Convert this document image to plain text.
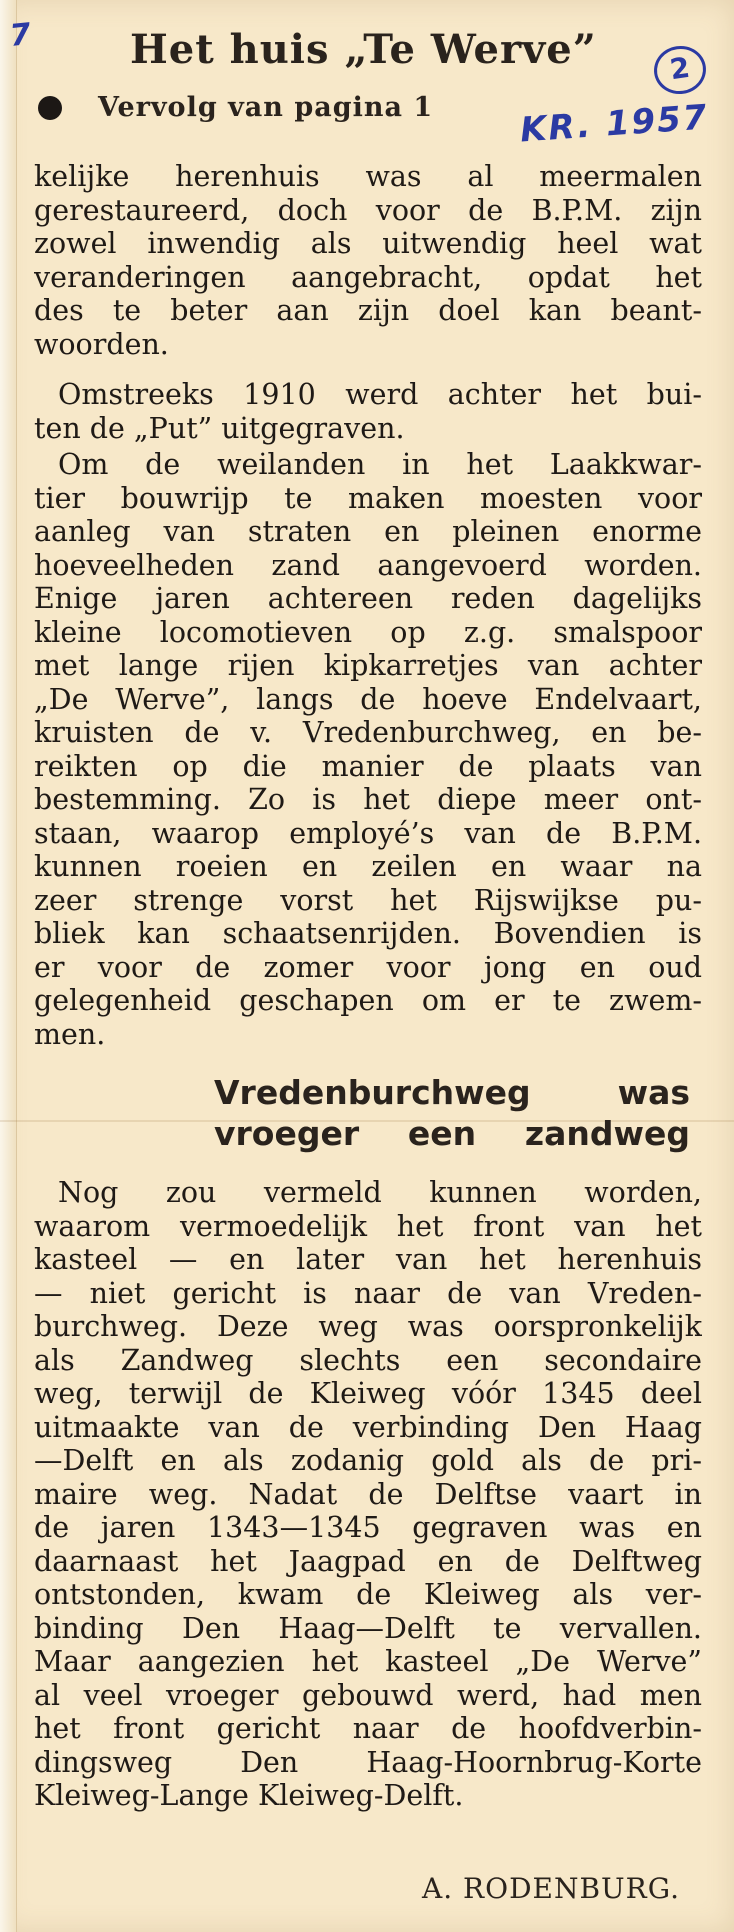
7
2
KR. 1957
Het huis „Te Werve”
Vervolg van pagina 1
kelijke herenhuis was al meermalen
gerestaureerd, doch voor de B.P.M. zijn
zowel inwendig als uitwendig heel wat
veranderingen aangebracht, opdat het
des te beter aan zijn doel kan beant-
woorden.
Omstreeks 1910 werd achter het bui-
ten de „Put” uitgegraven.
Om de weilanden in het Laakkwar-
tier bouwrijp te maken moesten voor
aanleg van straten en pleinen enorme
hoeveelheden zand aangevoerd worden.
Enige jaren achtereen reden dagelijks
kleine locomotieven op z.g. smalspoor
met lange rijen kipkarretjes van achter
„De Werve”, langs de hoeve Endelvaart,
kruisten de v. Vredenburchweg, en be-
reikten op die manier de plaats van
bestemming. Zo is het diepe meer ont-
staan, waarop employé’s van de B.P.M.
kunnen roeien en zeilen en waar na
zeer strenge vorst het Rijswijkse pu-
bliek kan schaatsenrijden. Bovendien is
er voor de zomer voor jong en oud
gelegenheid geschapen om er te zwem-
men.
Vredenburchweg was
vroeger een zandweg
Nog zou vermeld kunnen worden,
waarom vermoedelijk het front van het
kasteel — en later van het herenhuis
— niet gericht is naar de van Vreden-
burchweg. Deze weg was oorspronkelijk
als Zandweg slechts een secondaire
weg, terwijl de Kleiweg vóór 1345 deel
uitmaakte van de verbinding Den Haag
—Delft en als zodanig gold als de pri-
maire weg. Nadat de Delftse vaart in
de jaren 1343—1345 gegraven was en
daarnaast het Jaagpad en de Delftweg
ontstonden, kwam de Kleiweg als ver-
binding Den Haag—Delft te vervallen.
Maar aangezien het kasteel „De Werve”
al veel vroeger gebouwd werd, had men
het front gericht naar de hoofdverbin-
dingsweg Den Haag-Hoornbrug-Korte
Kleiweg-Lange Kleiweg-Delft.
A. RODENBURG.
